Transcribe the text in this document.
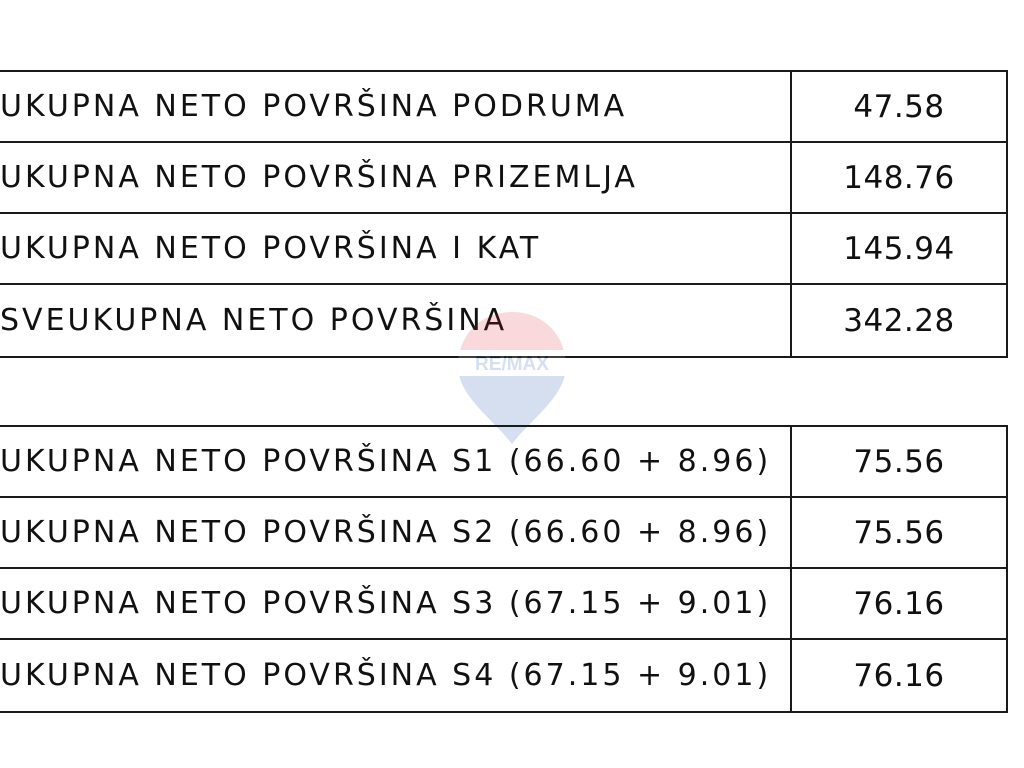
UKUPNA NETO POVRŠINA PODRUMA	47.58
UKUPNA NETO POVRŠINA PRIZEMLJA	148.76
UKUPNA NETO POVRŠINA I KAT	145.94
SVEUKUPNA NETO POVRŠINA	342.28
RE/MAX
UKUPNA NETO POVRŠINA S1 (66.60 + 8.96)	75.56
UKUPNA NETO POVRŠINA S2 (66.60 + 8.96)	75.56
UKUPNA NETO POVRŠINA S3 (67.15 + 9.01)	76.16
UKUPNA NETO POVRŠINA S4 (67.15 + 9.01)	76.16
